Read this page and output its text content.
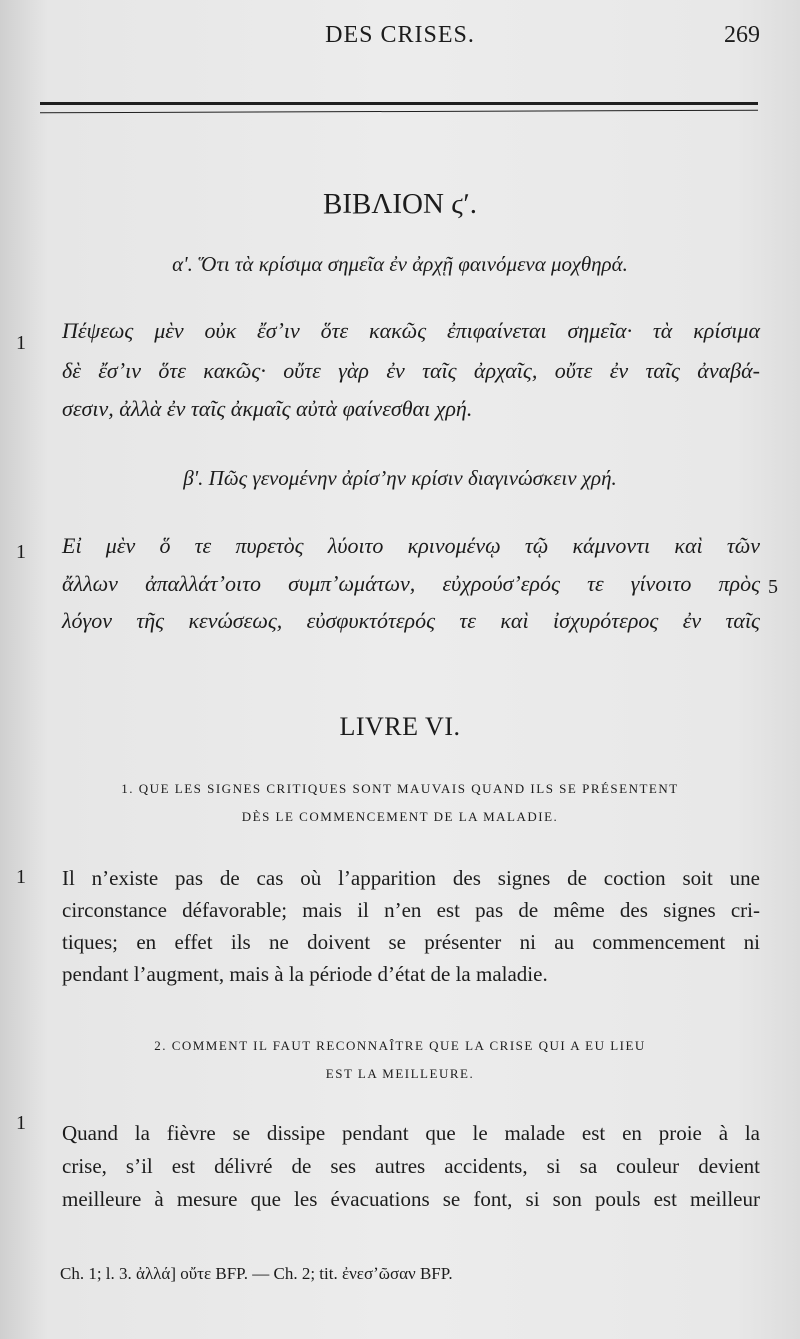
DES CRISES.	269
ΒΙΒΛΙΟΝ ϛʹ.
αʹ. Ὅτι τὰ κρίσιμα σημεῖα ἐν ἀρχῇ φαινόμενα μοχθηρά.
1 Πέψεως μὲν οὐκ ἔσʼιν ὅτε κακῶς ἐπιφαίνεται σημεῖα· τὰ κρίσιμα
δὲ ἔσʼιν ὅτε κακῶς· οὔτε γὰρ ἐν ταῖς ἀρχαῖς, οὔτε ἐν ταῖς ἀναβά-
σεσιν, ἀλλὰ ἐν ταῖς ἀκμαῖς αὐτὰ φαίνεσθαι χρή.
βʹ. Πῶς γενομένην ἀρίσʼην κρίσιν διαγινώσκειν χρή.
1 Εἰ μὲν ὅ τε πυρετὸς λύοιτο κρινομένῳ τῷ κάμνοντι καὶ τῶν
ἄλλων ἀπαλλάτʼοιτο συμπʼωμάτων, εὐχρούσʼερός τε γίνοιτο πρὸς 5
λόγον τῆς κενώσεως, εὐσφυκτότερός τε καὶ ἰσχυρότερος ἐν ταῖς
LIVRE VI.
1. QUE LES SIGNES CRITIQUES SONT MAUVAIS QUAND ILS SE PRÉSENTENT
DÈS LE COMMENCEMENT DE LA MALADIE.
1 Il n’existe pas de cas où l’apparition des signes de coction soit une
circonstance défavorable; mais il n’en est pas de même des signes cri-
tiques; en effet ils ne doivent se présenter ni au commencement ni
pendant l’augment, mais à la période d’état de la maladie.
2. COMMENT IL FAUT RECONNAÎTRE QUE LA CRISE QUI A EU LIEU
EST LA MEILLEURE.
1 Quand la fièvre se dissipe pendant que le malade est en proie à la
crise, s’il est délivré de ses autres accidents, si sa couleur devient
meilleure à mesure que les évacuations se font, si son pouls est meilleur
Ch. 1; l. 3. ἀλλά] οὔτε BFP. — Ch. 2; tit. ἐνεσʼῶσαν BFP.
